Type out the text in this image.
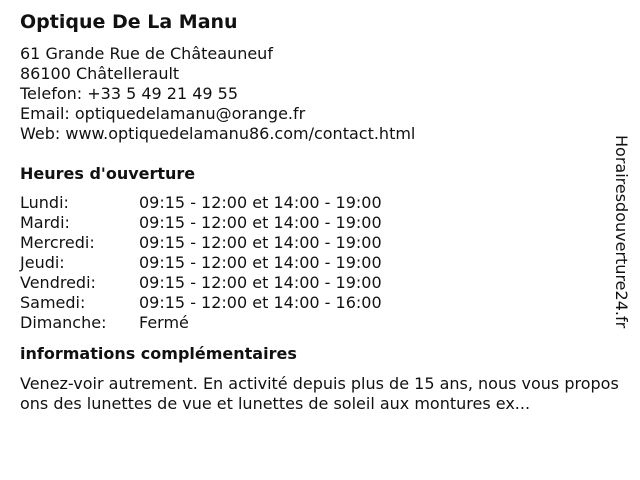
Optique De La Manu
61 Grande Rue de Châteauneuf
86100 Châtellerault
Telefon: +33 5 49 21 49 55
Email: optiquedelamanu@orange.fr
Web: www.optiquedelamanu86.com/contact.html
Heures d'ouverture
Lundi:	09:15 - 12:00 et 14:00 - 19:00
Mardi:	09:15 - 12:00 et 14:00 - 19:00
Mercredi:	09:15 - 12:00 et 14:00 - 19:00
Jeudi:	09:15 - 12:00 et 14:00 - 19:00
Vendredi:	09:15 - 12:00 et 14:00 - 19:00
Samedi:	09:15 - 12:00 et 14:00 - 16:00
Dimanche:	Fermé
informations complémentaires
Venez-voir autrement. En activité depuis plus de 15 ans, nous vous proposons des lunettes de vue et lunettes de soleil aux montures ex...
Horairesdouverture24.fr
